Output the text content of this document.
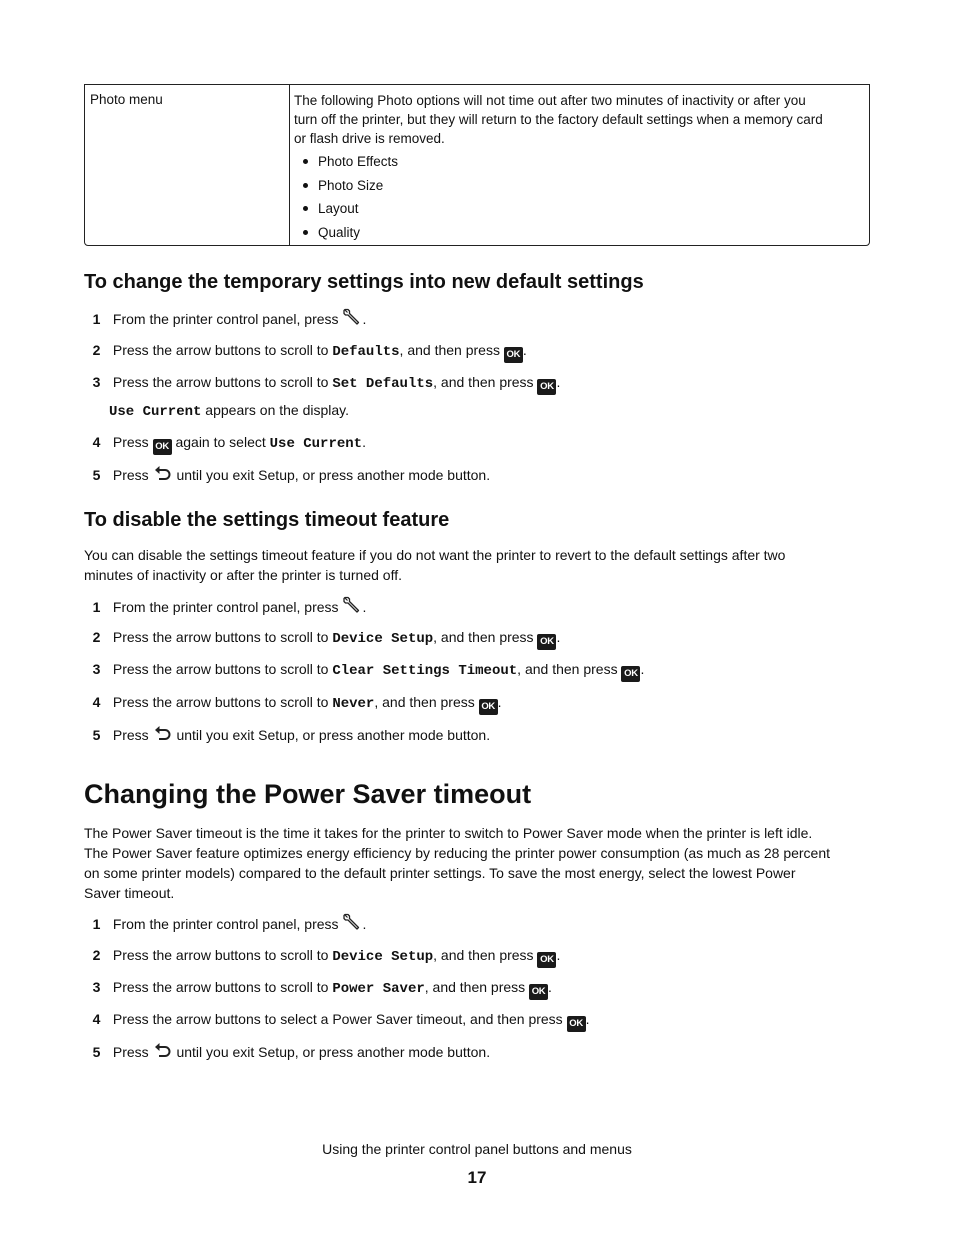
Photo menu	The following Photo options will not time out after two minutes of inactivity or after you
turn off the printer, but they will return to the factory default settings when a memory card
or flash drive is removed.
Photo Effects
Photo Size
Layout
Quality
To change the temporary settings into new default settings
1 From the printer control panel, press .
2 Press the arrow buttons to scroll to Defaults, and then press OK .
3 Press the arrow buttons to scroll to Set Defaults, and then press OK .
Use Current appears on the display.
4 Press OK again to select Use Current.
5 Press  until you exit Setup, or press another mode button.
To disable the settings timeout feature
You can disable the settings timeout feature if you do not want the printer to revert to the default settings after two
minutes of inactivity or after the printer is turned off.
1 From the printer control panel, press .
2 Press the arrow buttons to scroll to Device Setup, and then press OK .
3 Press the arrow buttons to scroll to Clear Settings Timeout, and then press OK .
4 Press the arrow buttons to scroll to Never, and then press OK .
5 Press  until you exit Setup, or press another mode button.
Changing the Power Saver timeout
The Power Saver timeout is the time it takes for the printer to switch to Power Saver mode when the printer is left idle.
The Power Saver feature optimizes energy efficiency by reducing the printer power consumption (as much as 28 percent
on some printer models) compared to the default printer settings. To save the most energy, select the lowest Power
Saver timeout.
1 From the printer control panel, press .
2 Press the arrow buttons to scroll to Device Setup, and then press OK .
3 Press the arrow buttons to scroll to Power Saver, and then press OK .
4 Press the arrow buttons to select a Power Saver timeout, and then press OK .
5 Press  until you exit Setup, or press another mode button.
Using the printer control panel buttons and menus
17
